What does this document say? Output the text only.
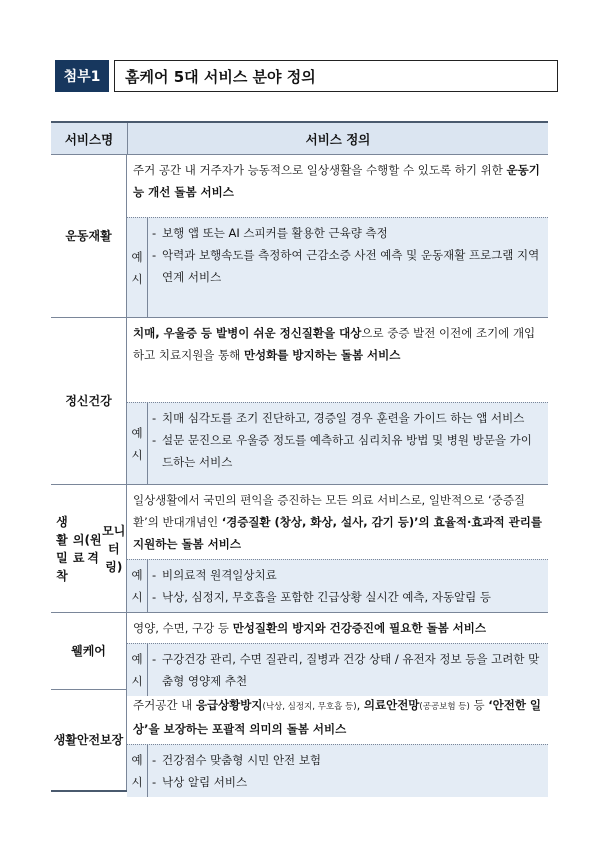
첨부1	홈케어 5대 서비스 분야 정의
서비스명	서비스 정의
운동재활
주거 공간 내 거주자가 능동적으로 일상생활을 수행할 수 있도록 하기 위한 운동기능 개선 돌봄 서비스
예
시
- 보행 앱 또는 AI 스피커를 활용한 근육량 측정
- 악력과 보행속도를 측정하여 근감소증 사전 예측 및 운동재활 프로그램 지역연계 서비스
정신건강
치매, 우울증 등 발병이 쉬운 정신질환을 대상으로 중증 발전 이전에 조기에 개입하고 치료지원을 통해 만성화를 방지하는 돌봄 서비스
예
시
- 치매 심각도를 조기 진단하고, 경증일 경우 훈련을 가이드 하는 앱 서비스
- 설문 문진으로 우울증 정도를 예측하고 심리치유 방법 및 병원 방문을 가이드하는 서비스
생활밀착
의료
(원격
모니터링)
일상생활에서 국민의 편익을 증진하는 모든 의료 서비스로, 일반적으로 ‘중증질환’의 반대개념인 ‘경증질환 (창상, 화상, 설사, 감기 등)’의 효율적·효과적 관리를 지원하는 돌봄 서비스
예
시
- 비의료적 원격일상치료
- 낙상, 심정지, 무호흡을 포함한 긴급상황 실시간 예측, 자동알림 등
웰케어
영양, 수면, 구강 등 만성질환의 방지와 건강증진에 필요한 돌봄 서비스
예
시
- 구강건강 관리, 수면 질관리, 질병과 건강 상태 / 유전자 정보 등을 고려한 맞춤형 영양제 추천
생활 안전보장
주거공간 내 응급상황방지(낙상, 심정지, 무호흡 등), 의료안전망(공공보험 등) 등 ‘안전한 일상’을 보장하는 포괄적 의미의 돌봄 서비스
예
시
- 건강점수 맞춤형 시민 안전 보험
- 낙상 알림 서비스
